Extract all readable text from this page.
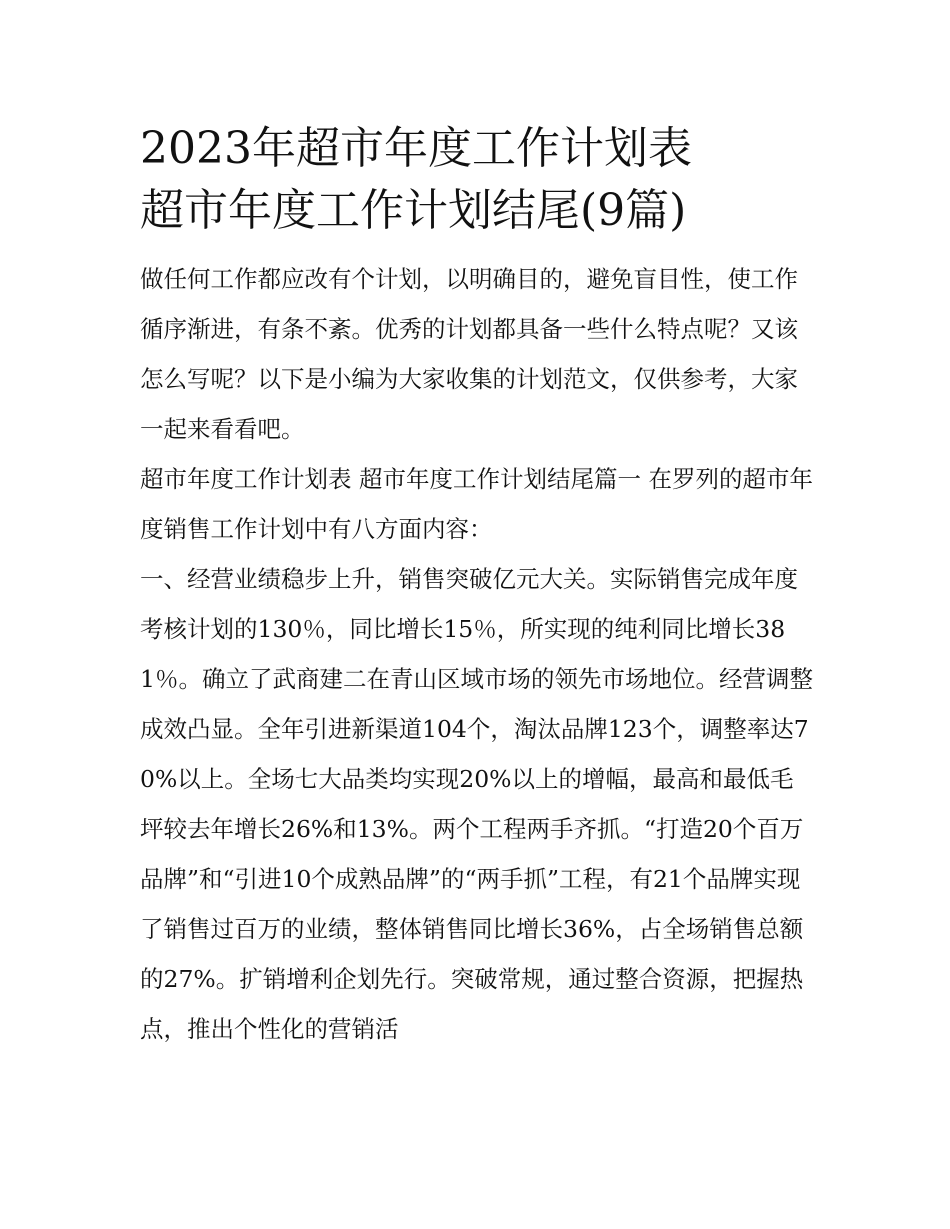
2023年超市年度工作计划表
超市年度工作计划结尾(9篇)

做任何工作都应改有个计划，以明确目的，避免盲目性，使工作循序渐进，有条不紊。优秀的计划都具备一些什么特点呢？又该怎么写呢？以下是小编为大家收集的计划范文，仅供参考，大家一起来看看吧。

超市年度工作计划表 超市年度工作计划结尾篇一 在罗列的超市年度销售工作计划中有八方面内容：

一、经营业绩稳步上升，销售突破亿元大关。实际销售完成年度考核计划的130％，同比增长15％，所实现的纯利同比增长381％。确立了武商建二在青山区域市场的领先市场地位。经营调整成效凸显。全年引进新渠道104个，淘汰品牌123个，调整率达70%以上。全场七大品类均实现20%以上的增幅，最高和最低毛坪较去年增长26%和13%。两个工程两手齐抓。“打造20个百万品牌”和“引进10个成熟品牌”的“两手抓”工程，有21个品牌实现了销售过百万的业绩，整体销售同比增长36%，占全场销售总额的27%。扩销增利企划先行。突破常规，通过整合资源，把握热点，推出个性化的营销活
